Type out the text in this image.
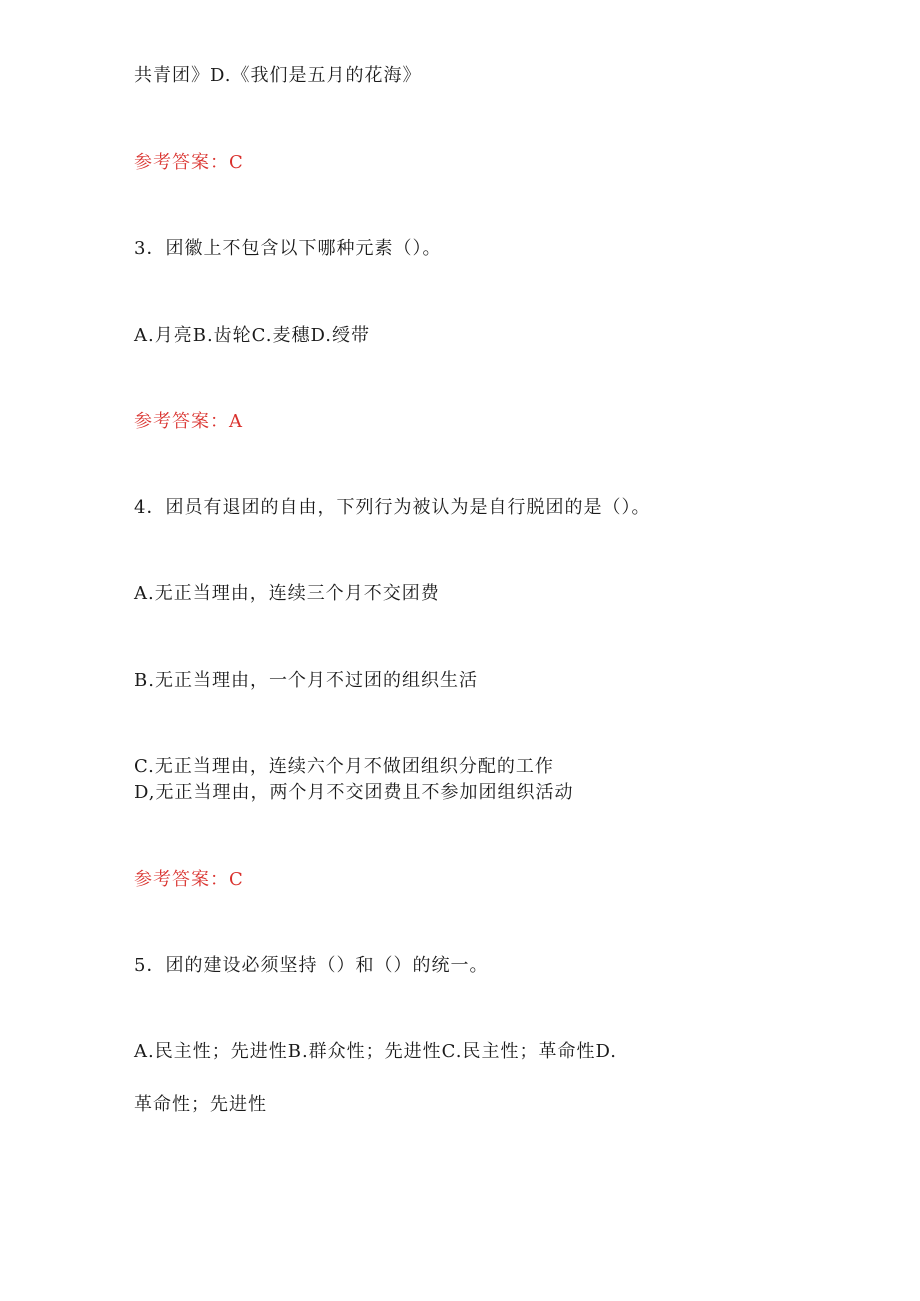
共青团》D.《我们是五月的花海》
参考答案：C
3．团徽上不包含以下哪种元素（）。
A.月亮B.齿轮C.麦穗D.绶带
参考答案：A
4．团员有退团的自由，下列行为被认为是自行脱团的是（）。
A.无正当理由，连续三个月不交团费
B.无正当理由，一个月不过团的组织生活
C.无正当理由，连续六个月不做团组织分配的工作
D,无正当理由，两个月不交团费且不参加团组织活动
参考答案：C
5．团的建设必须坚持（）和（）的统一。
A.民主性；先进性B.群众性；先进性C.民主性；革命性D.
革命性；先进性
